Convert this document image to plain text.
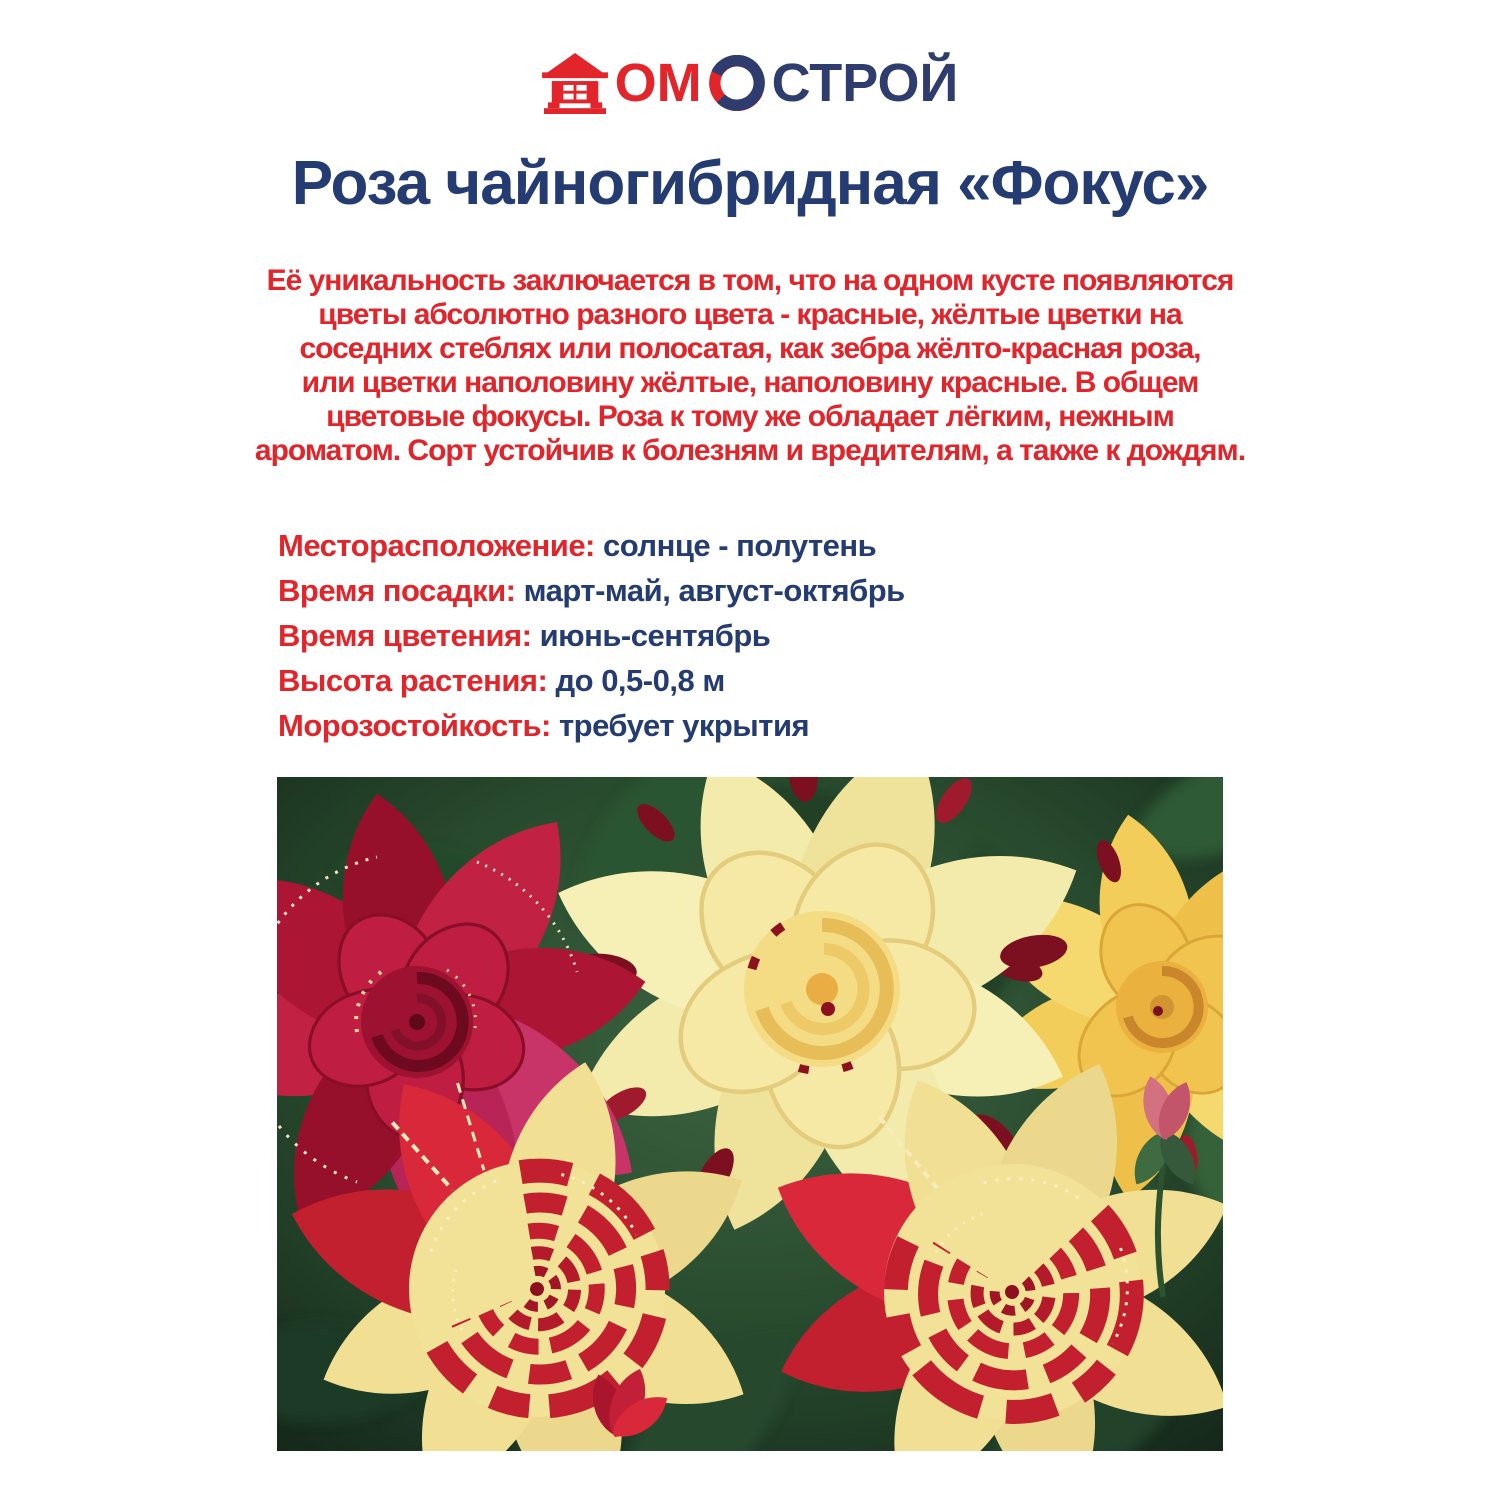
ОМ СТРОЙ
Роза чайногибридная «Фокус»
Её уникальность заключается в том, что на одном кусте появляются
цветы абсолютно разного цвета - красные, жёлтые цветки на
соседних стеблях или полосатая, как зебра жёлто-красная роза,
или цветки наполовину жёлтые, наполовину красные. В общем
цветовые фокусы. Роза к тому же обладает лёгким, нежным
ароматом. Сорт устойчив к болезням и вредителям, а также к дождям.
Месторасположение: солнце - полутень
Время посадки: март-май, август-октябрь
Время цветения: июнь-сентябрь
Высота растения: до 0,5-0,8 м
Морозостойкость: требует укрытия
